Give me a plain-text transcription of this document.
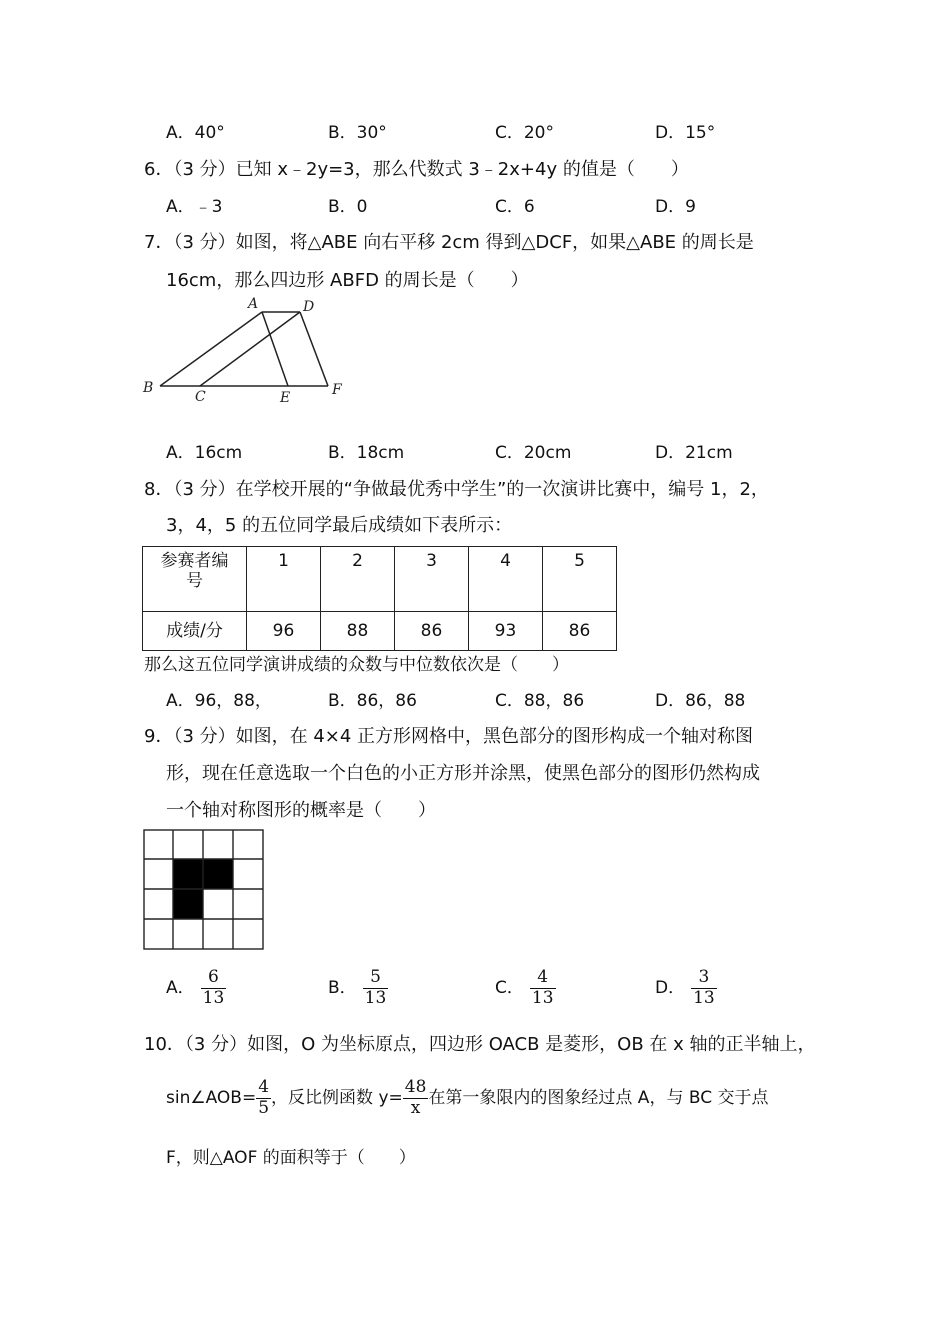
A．40°	B．30°	C．20°	D．15°
6．（3 分）已知 x﹣2y=3，那么代数式 3﹣2x+4y 的值是（　　）
A．﹣3	B．0	C．6	D．9
7．（3 分）如图，将△ABE 向右平移 2cm 得到△DCF，如果△ABE 的周长是
16cm，那么四边形 ABFD 的周长是（　　）
A	D
B
C	E	F
A．16cm	B．18cm	C．20cm	D．21cm
8．（3 分）在学校开展的“争做最优秀中学生”的一次演讲比赛中，编号 1，2，
3，4，5 的五位同学最后成绩如下表所示：
参赛者编
号	1	2	3	4	5
成绩/分	96	88	86	93	86
那么这五位同学演讲成绩的众数与中位数依次是（　　）
A．96，88，	B．86，86	C．88，86	D．86，88
9．（3 分）如图，在 4×4 正方形网格中，黑色部分的图形构成一个轴对称图
形，现在任意选取一个白色的小正方形并涂黑，使黑色部分的图形仍然构成
一个轴对称图形的概率是（　　）
A． $\frac{6}{13}$	B． $\frac{5}{13}$	C． $\frac{4}{13}$	D． $\frac{3}{13}$
10．（3 分）如图，O 为坐标原点，四边形 OACB 是菱形，OB 在 x 轴的正半轴上，
sin∠AOB= $\frac{4}{5}$ ，反比例函数 $y= \frac{48}{x}$ 在第一象限内的图象经过点 A，与 BC 交于点
F，则△AOF 的面积等于（　　）
